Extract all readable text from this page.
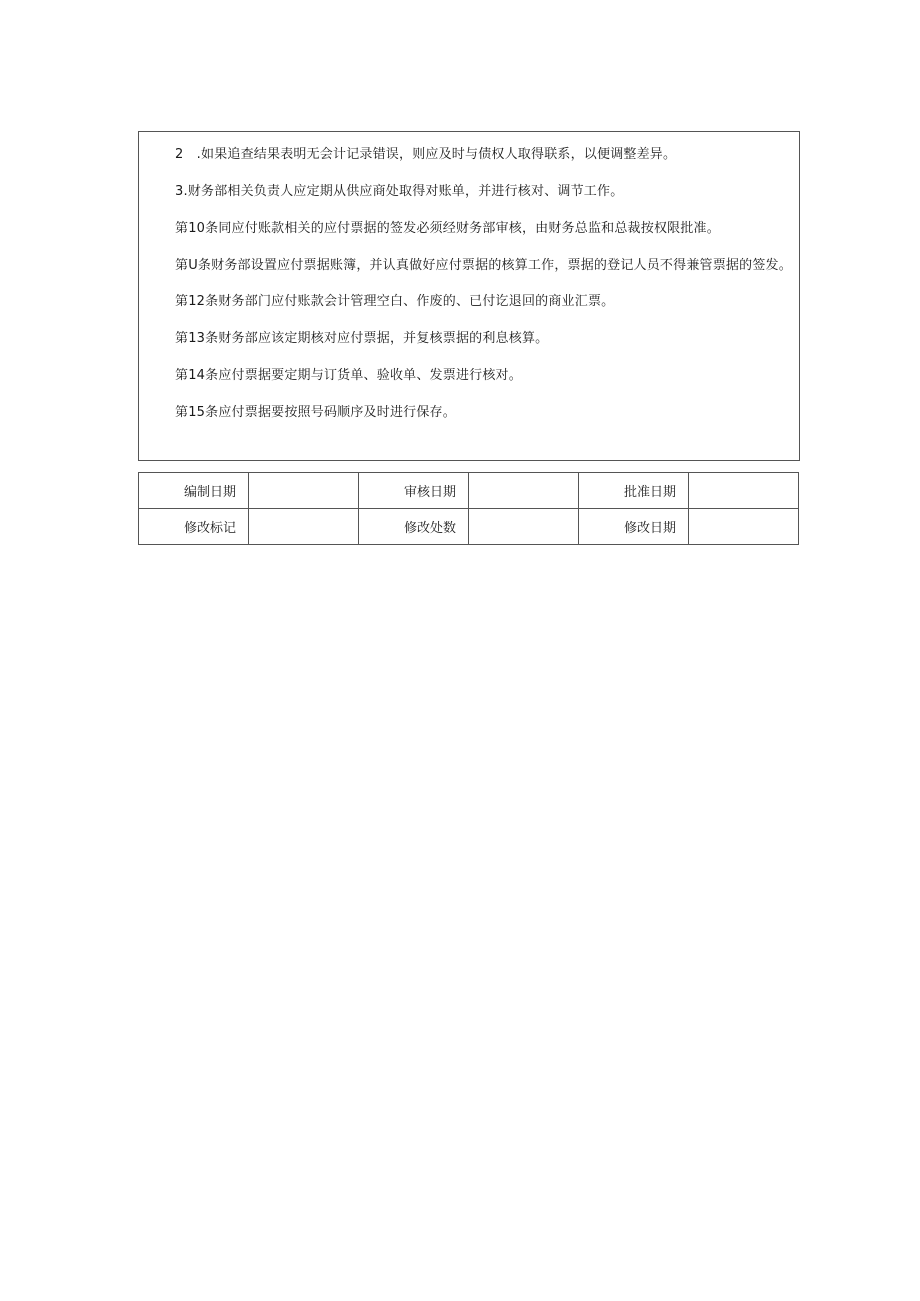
2　.如果追查结果表明无会计记录错误，则应及时与债权人取得联系，以便调整差异。

3.财务部相关负责人应定期从供应商处取得对账单，并进行核对、调节工作。

第10条同应付账款相关的应付票据的签发必须经财务部审核，由财务总监和总裁按权限批准。

第U条财务部设置应付票据账簿，并认真做好应付票据的核算工作，票据的登记人员不得兼管票据的签发。

第12条财务部门应付账款会计管理空白、作废的、已付讫退回的商业汇票。

第13条财务部应该定期核对应付票据，并复核票据的利息核算。

第14条应付票据要定期与订货单、验收单、发票进行核对。

第15条应付票据要按照号码顺序及时进行保存。

编制日期		审核日期		批准日期	
修改标记		修改处数		修改日期	
